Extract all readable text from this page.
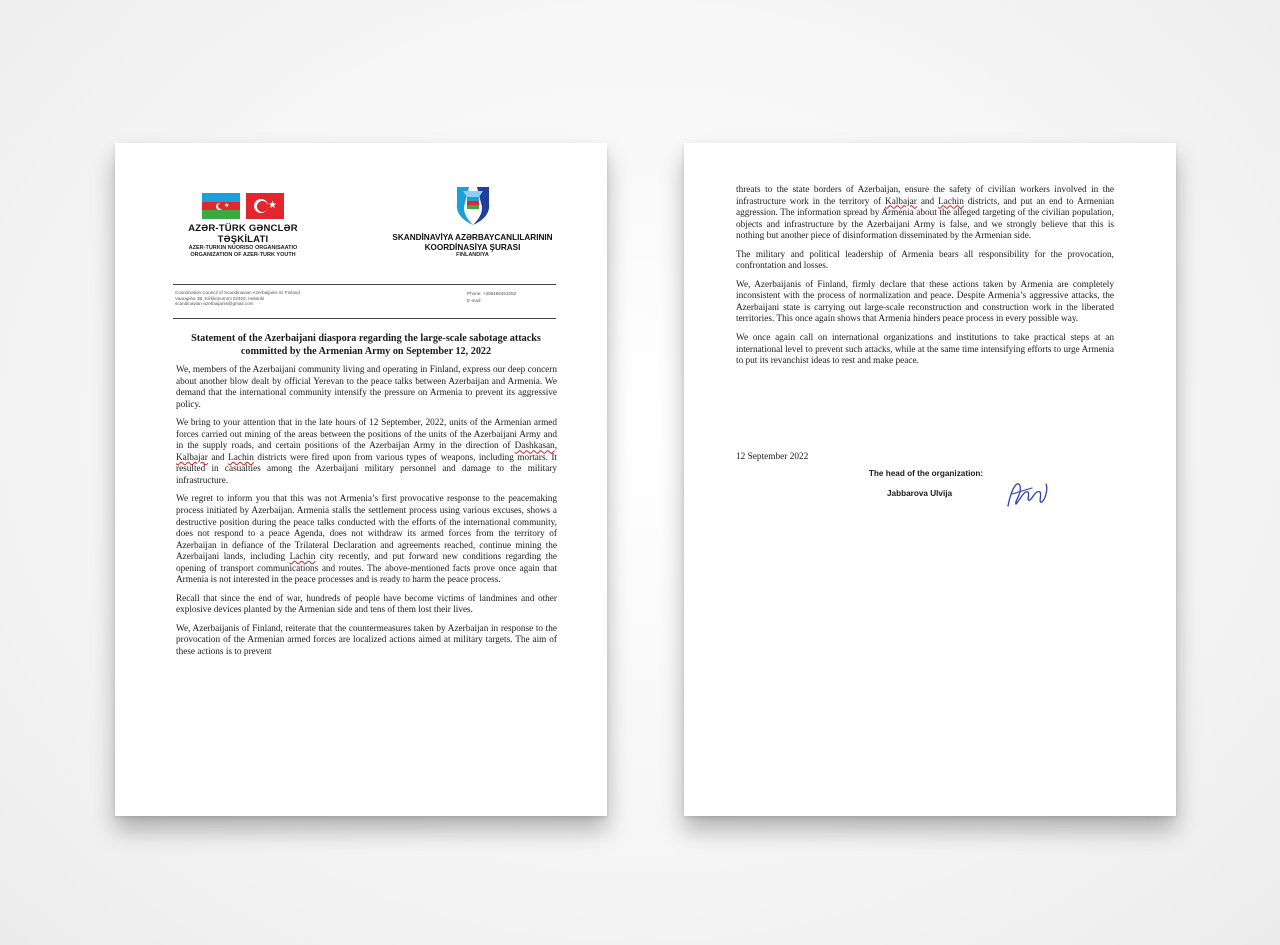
★	★
AZƏR-TÜRK GƏNCLƏR TƏŞKİLATI
AZER-TURKIN NUORISO ORGANISAATIO
ORGANIZATION OF AZER-TURK YOUTH
SKANDİNAVİYA AZƏRBAYCANLILARININ
KOORDİNASİYA ŞURASI
FINLANDIYA
Coordination Council of Scandinavian Azerbaijanis Sr Finland
Vaarapiha 3B, Kirkkonummi 02400, Helsinki
scandinavian-azerbaijanis@gmail.com
Phone: +358469453282
E-mail:
Statement of the Azerbaijani diaspora regarding the large-scale sabotage attacks committed by the Armenian Army on September 12, 2022

We, members of the Azerbaijani community living and operating in Finland, express our deep concern about another blow dealt by official Yerevan to the peace talks between Azerbaijan and Armenia. We demand that the international community intensify the pressure on Armenia to prevent its aggressive policy.

We bring to your attention that in the late hours of 12 September, 2022, units of the Armenian armed forces carried out mining of the areas between the positions of the units of the Azerbaijani Army and in the supply roads, and certain positions of the Azerbaijan Army in the direction of Dashkasan, Kalbajar and Lachin districts were fired upon from various types of weapons, including mortars. It resulted in casualties among the Azerbaijani military personnel and damage to the military infrastructure.

We regret to inform you that this was not Armenia’s first provocative response to the peacemaking process initiated by Azerbaijan. Armenia stalls the settlement process using various excuses, shows a destructive position during the peace talks conducted with the efforts of the international community, does not respond to a peace Agenda, does not withdraw its armed forces from the territory of Azerbaijan in defiance of the Trilateral Declaration and agreements reached, continue mining the Azerbaijani lands, including Lachin city recently, and put forward new conditions regarding the opening of transport communications and routes. The above-mentioned facts prove once again that Armenia is not interested in the peace processes and is ready to harm the peace process.

Recall that since the end of war, hundreds of people have become victims of landmines and other explosive devices planted by the Armenian side and tens of them lost their lives.

We, Azerbaijanis of Finland, reiterate that the countermeasures taken by Azerbaijan in response to the provocation of the Armenian armed forces are localized actions aimed at military targets. The aim of these actions is to prevent

threats to the state borders of Azerbaijan, ensure the safety of civilian workers involved in the infrastructure work in the territory of Kalbajar and Lachin districts, and put an end to Armenian aggression. The information spread by Armenia about the alleged targeting of the civilian population, objects and infrastructure by the Azerbaijani Army is false, and we strongly believe that this is nothing but another piece of disinformation disseminated by the Armenian side.

The military and political leadership of Armenia bears all responsibility for the provocation, confrontation and losses.

We, Azerbaijanis of Finland, firmly declare that these actions taken by Armenia are completely inconsistent with the process of normalization and peace. Despite Armenia’s aggressive attacks, the Azerbaijani state is carrying out large-scale reconstruction and construction work in the liberated territories. This once again shows that Armenia hinders peace process in every possible way.

We once again call on international organizations and institutions to take practical steps at an international level to prevent such attacks, while at the same time intensifying efforts to urge Armenia to put its revanchist ideas to rest and make peace.

12 September 2022
The head of the organization:
Jabbarova Ulvija
